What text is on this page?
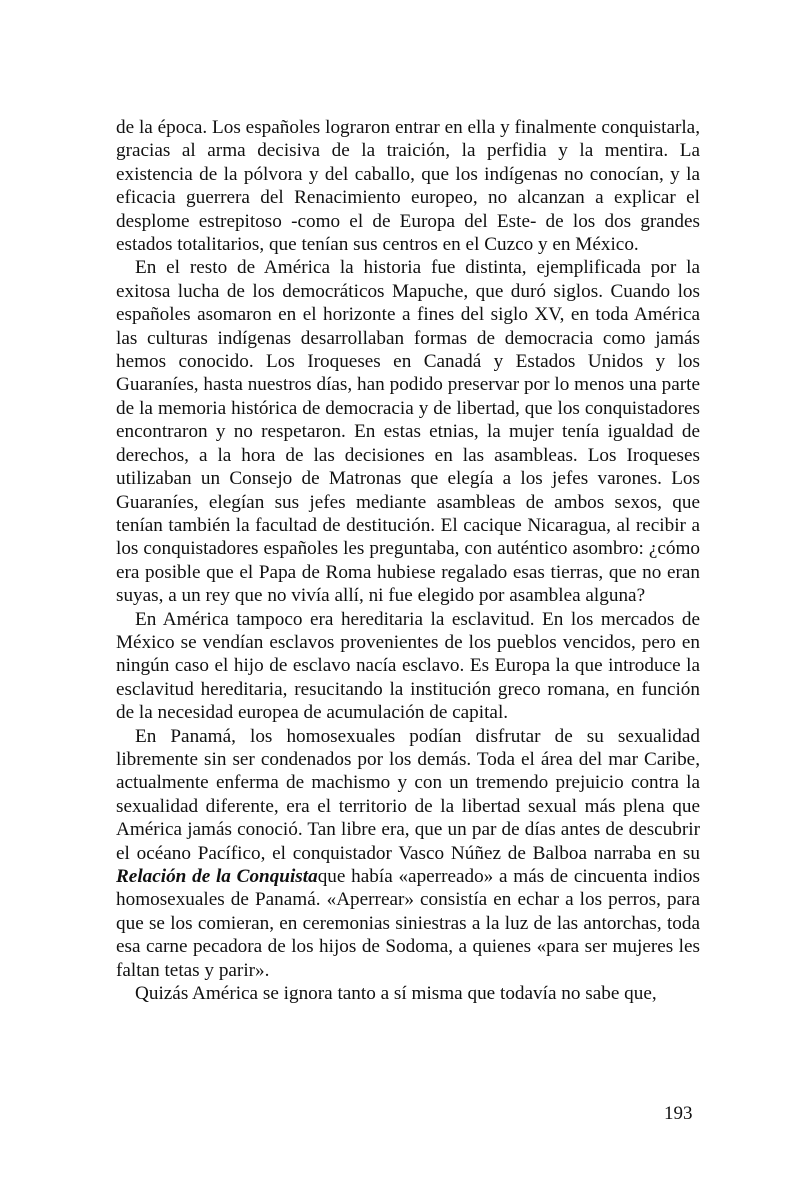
de la época. Los españoles lograron entrar en ella y finalmente conquistarla, gracias al arma decisiva de la traición, la perfidia y la mentira. La existencia de la pólvora y del caballo, que los indígenas no conocían, y la eficacia guerrera del Renacimiento europeo, no alcanzan a explicar el desplome estrepitoso -como el de Europa del Este- de los dos grandes estados totalitarios, que tenían sus centros en el Cuzco y en México.

En el resto de América la historia fue distinta, ejemplificada por la exitosa lucha de los democráticos Mapuche, que duró siglos. Cuando los españoles asomaron en el horizonte a fines del siglo XV, en toda América las culturas indígenas desarrollaban formas de democracia como jamás hemos conocido. Los Iroqueses en Canadá y Estados Unidos y los Guaraníes, hasta nuestros días, han podido preservar por lo menos una parte de la memoria histórica de democracia y de libertad, que los conquistadores encontraron y no respetaron. En estas etnias, la mujer tenía igualdad de derechos, a la hora de las decisiones en las asambleas. Los Iroqueses utilizaban un Consejo de Matronas que elegía a los jefes varones. Los Guaraníes, elegían sus jefes mediante asambleas de ambos sexos, que tenían también la facultad de destitución. El cacique Nicaragua, al recibir a los conquistadores españoles les preguntaba, con auténtico asombro: ¿cómo era posible que el Papa de Roma hubiese regalado esas tierras, que no eran suyas, a un rey que no vivía allí, ni fue elegido por asamblea alguna?

En América tampoco era hereditaria la esclavitud. En los mercados de México se vendían esclavos provenientes de los pueblos vencidos, pero en ningún caso el hijo de esclavo nacía esclavo. Es Europa la que introduce la esclavitud hereditaria, resucitando la institución greco romana, en función de la necesidad europea de acumulación de capital.

En Panamá, los homosexuales podían disfrutar de su sexualidad libremente sin ser condenados por los demás. Toda el área del mar Caribe, actualmente enferma de machismo y con un tremendo prejuicio contra la sexualidad diferente, era el territorio de la libertad sexual más plena que América jamás conoció. Tan libre era, que un par de días antes de descubrir el océano Pacífico, el conquistador Vasco Núñez de Balboa narraba en su Relación de la Conquistaque había «aperreado» a más de cincuenta indios homosexuales de Panamá. «Aperrear» consistía en echar a los perros, para que se los comieran, en ceremonias siniestras a la luz de las antorchas, toda esa carne pecadora de los hijos de Sodoma, a quienes «para ser mujeres les faltan tetas y parir».

Quizás América se ignora tanto a sí misma que todavía no sabe que,

193
